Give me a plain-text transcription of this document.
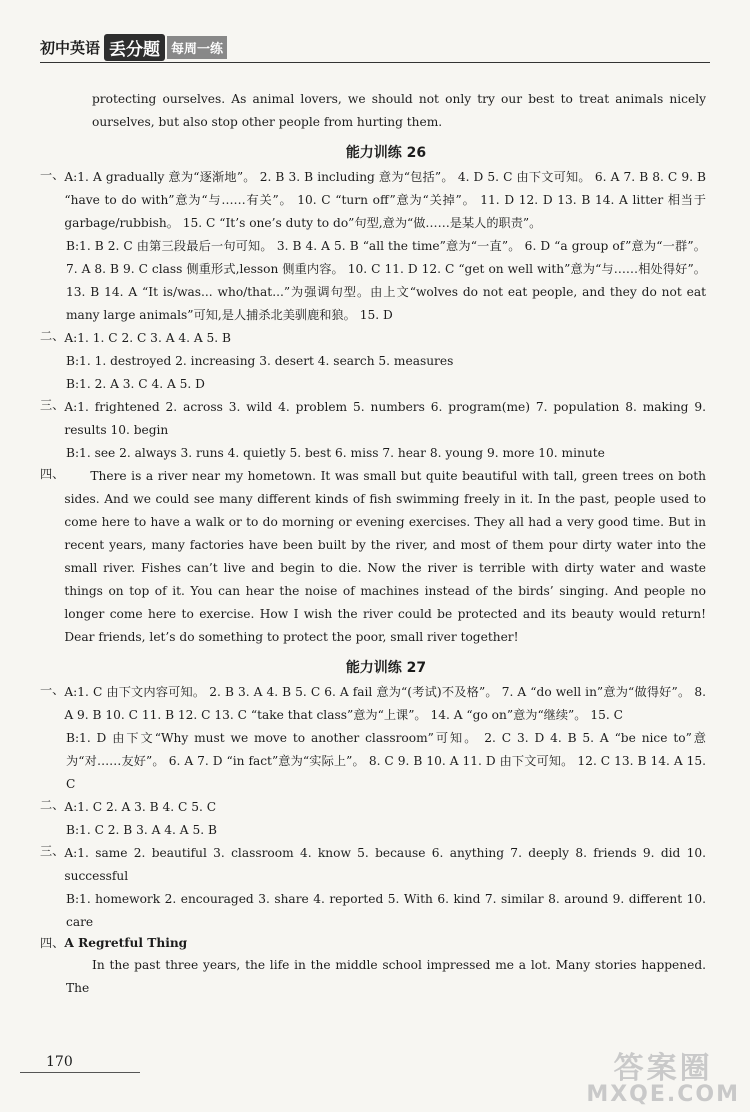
初中英语 丢分题 每周一练

protecting ourselves. As animal lovers, we should not only try our best to treat animals nicely ourselves, but also stop other people from hurting them.

能力训练 26
一、 A:1. A gradually 意为“逐渐地”。 2. B 3. B including 意为“包括”。 4. D 5. C 由下文可知。 6. A 7. B 8. C 9. B “have to do with”意为“与……有关”。 10. C “turn off”意为“关掉”。 11. D 12. D 13. B 14. A litter 相当于 garbage/rubbish。 15. C “It’s one’s duty to do”句型,意为“做……是某人的职责”。

B:1. B 2. C 由第三段最后一句可知。 3. B 4. A 5. B “all the time”意为“一直”。 6. D “a group of”意为“一群”。 7. A 8. B 9. C class 侧重形式,lesson 侧重内容。 10. C 11. D 12. C “get on well with”意为“与……相处得好”。 13. B 14. A “It is/was... who/that...”为强调句型。由上文“wolves do not eat people, and they do not eat many large animals”可知,是人捕杀北美驯鹿和狼。 15. D

二、 A:1. 1. C 2. C 3. A 4. A 5. B

B:1. 1. destroyed 2. increasing 3. desert 4. search 5. measures

B:1. 2. A 3. C 4. A 5. D

三、 A:1. frightened 2. across 3. wild 4. problem 5. numbers 6. program(me) 7. population 8. making 9. results 10. begin

B:1. see 2. always 3. runs 4. quietly 5. best 6. miss 7. hear 8. young 9. more 10. minute

四、	There is a river near my hometown. It was small but quite beautiful with tall, green trees on both sides. And we could see many different kinds of fish swimming freely in it. In the past, people used to come here to have a walk or to do morning or evening exercises. They all had a very good time. But in recent years, many factories have been built by the river, and most of them pour dirty water into the small river. Fishes can’t live and begin to die. Now the river is terrible with dirty water and waste things on top of it. You can hear the noise of machines instead of the birds’ singing. And people no longer come here to exercise. How I wish the river could be protected and its beauty would return! Dear friends, let’s do something to protect the poor, small river together!

能力训练 27
一、 A:1. C 由下文内容可知。 2. B 3. A 4. B 5. C 6. A fail 意为“(考试)不及格”。 7. A “do well in”意为“做得好”。 8. A 9. B 10. C 11. B 12. C 13. C “take that class”意为“上课”。 14. A “go on”意为“继续”。 15. C

B:1. D 由下文“Why must we move to another classroom”可知。 2. C 3. D 4. B 5. A “be nice to”意为“对……友好”。 6. A 7. D “in fact”意为“实际上”。 8. C 9. B 10. A 11. D 由下文可知。 12. C 13. B 14. A 15. C

二、 A:1. C 2. A 3. B 4. C 5. C

B:1. C 2. B 3. A 4. A 5. B

三、 A:1. same 2. beautiful 3. classroom 4. know 5. because 6. anything 7. deeply 8. friends 9. did 10. successful

B:1. homework 2. encouraged 3. share 4. reported 5. With 6. kind 7. similar 8. around 9. different 10. care

四、 A Regretful Thing

In the past three years, the life in the middle school impressed me a lot. Many stories happened. The

170	答案圈
MXQE.COM
